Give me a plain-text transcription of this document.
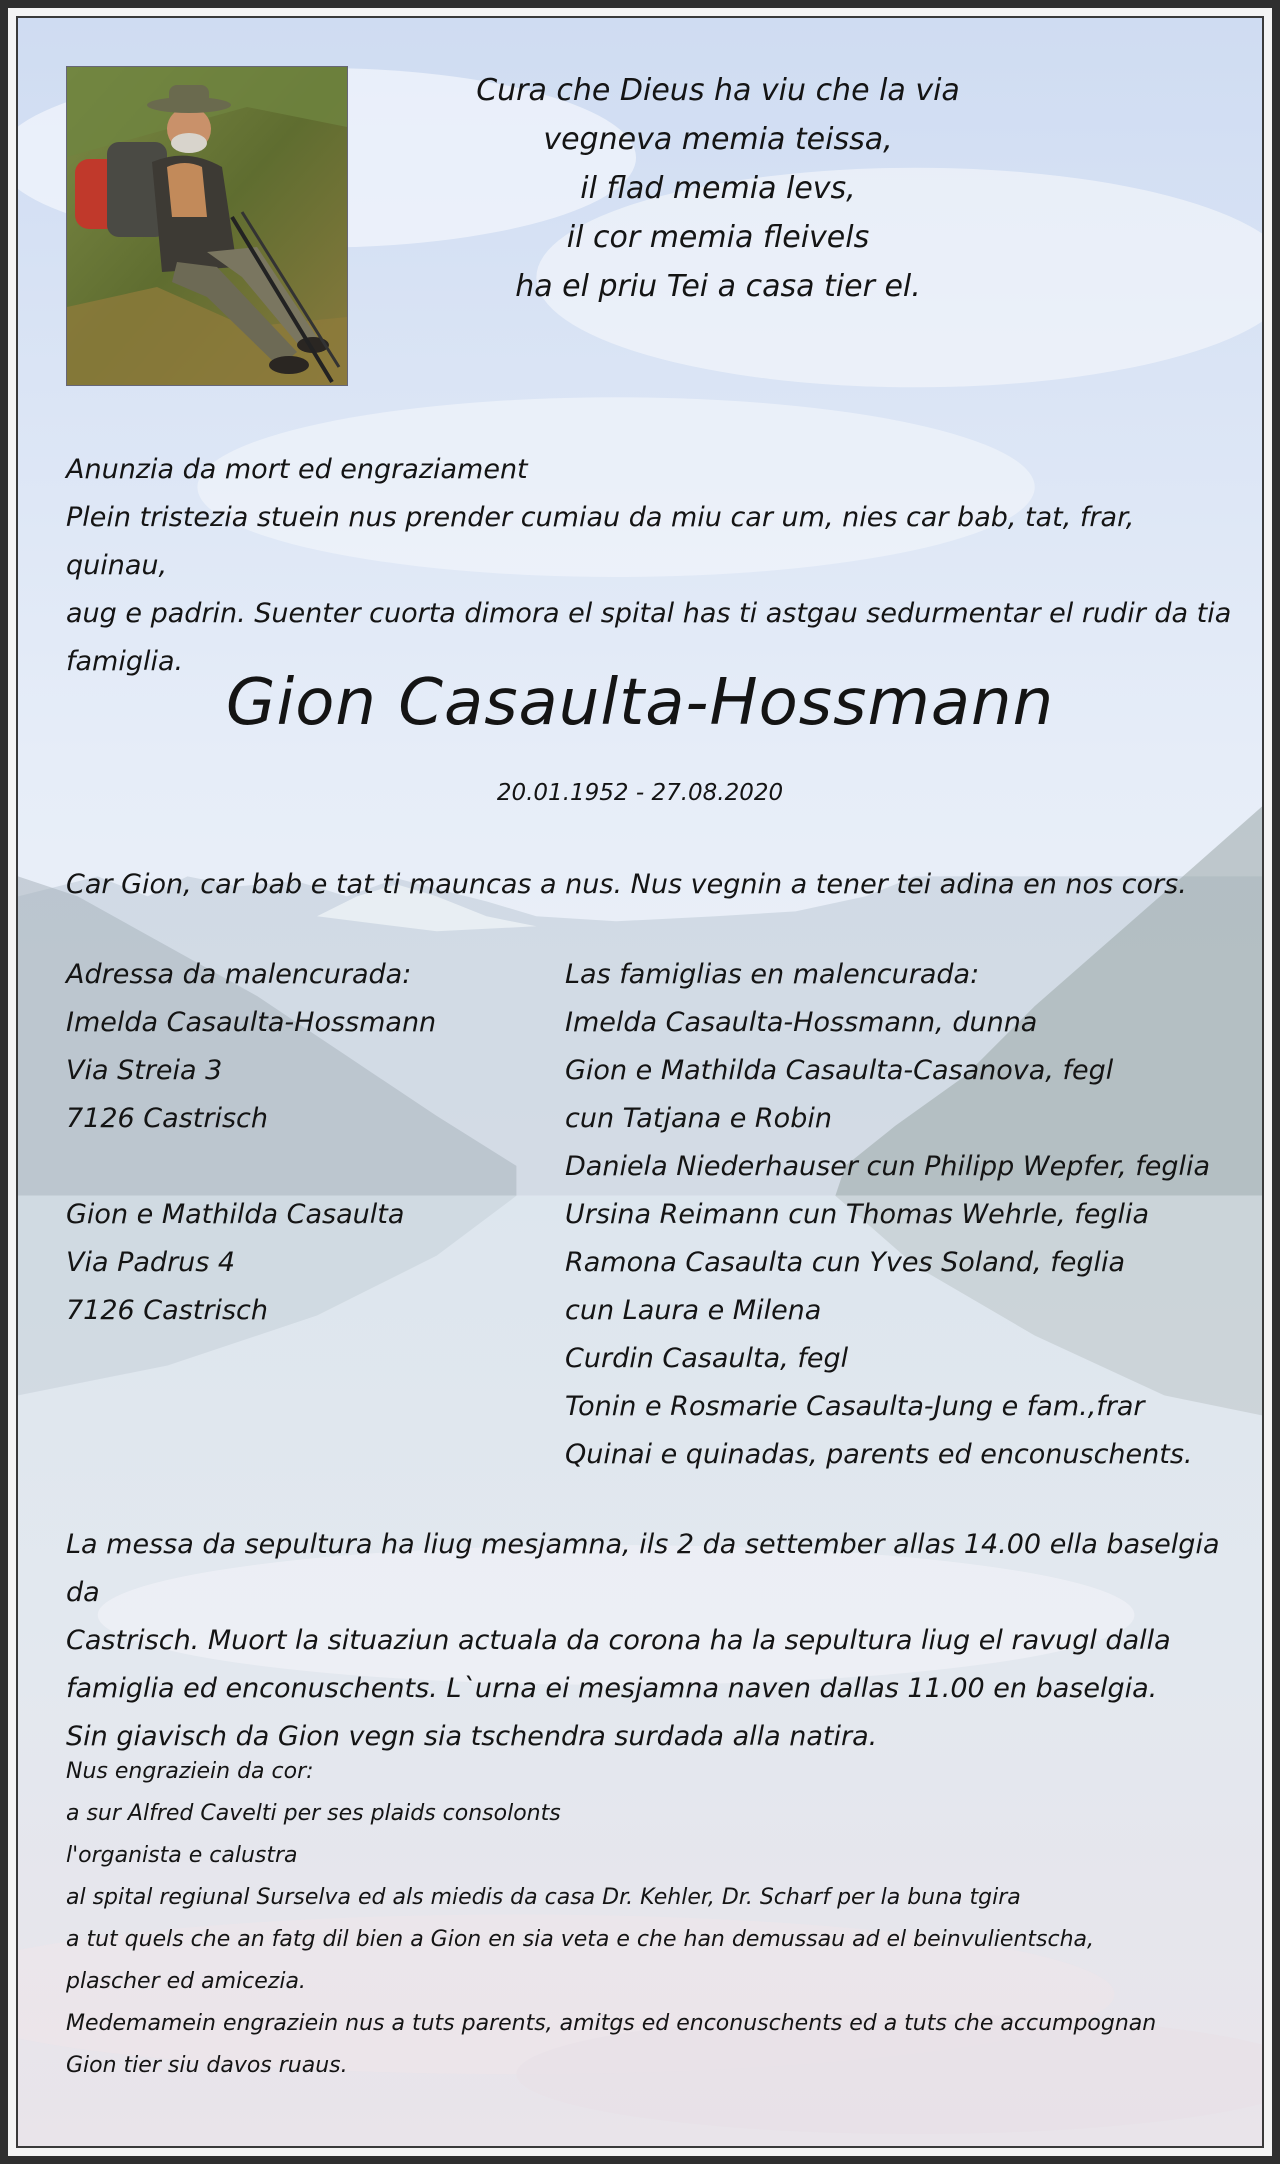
Cura che Dieus ha viu che la via
vegneva memia teissa,
il flad memia levs,
il cor memia fleivels
ha el priu Tei a casa tier el.
Anunzia da mort ed engraziament
Plein tristezia stuein nus prender cumiau da miu car um, nies car bab, tat, frar, quinau,
aug e padrin. Suenter cuorta dimora el spital has ti astgau sedurmentar el rudir da tia
famiglia.
Gion Casaulta-Hossmann
20.01.1952 - 27.08.2020
Car Gion, car bab e tat ti mauncas a nus. Nus vegnin a tener tei adina en nos cors.
Adressa da malencurada:
Imelda Casaulta-Hossmann
Via Streia 3
7126 Castrisch
Gion e Mathilda Casaulta
Via Padrus 4
7126 Castrisch
Las famiglias en malencurada:
Imelda Casaulta-Hossmann, dunna
Gion e Mathilda Casaulta-Casanova, fegl
cun Tatjana e Robin
Daniela Niederhauser cun Philipp Wepfer, feglia
Ursina Reimann cun Thomas Wehrle, feglia
Ramona Casaulta cun Yves Soland, feglia
cun Laura e Milena
Curdin Casaulta, fegl
Tonin e Rosmarie Casaulta-Jung e fam.,frar
Quinai e quinadas, parents ed enconuschents.
La messa da sepultura ha liug mesjamna, ils 2 da settember allas 14.00 ella baselgia da
Castrisch. Muort la situaziun actuala da corona ha la sepultura liug el ravugl dalla
famiglia ed enconuschents. L`urna ei mesjamna naven dallas 11.00 en baselgia.
Sin giavisch da Gion vegn sia tschendra surdada alla natira.
Nus engraziein da cor:
a sur Alfred Cavelti per ses plaids consolonts
l'organista e calustra
al spital regiunal Surselva ed als miedis da casa Dr. Kehler, Dr. Scharf per la buna tgira
a tut quels che an fatg dil bien a Gion en sia veta e che han demussau ad el beinvulientscha,
plascher ed amicezia.
Medemamein engraziein nus a tuts parents, amitgs ed enconuschents ed a tuts che accumpognan
Gion tier siu davos ruaus.
